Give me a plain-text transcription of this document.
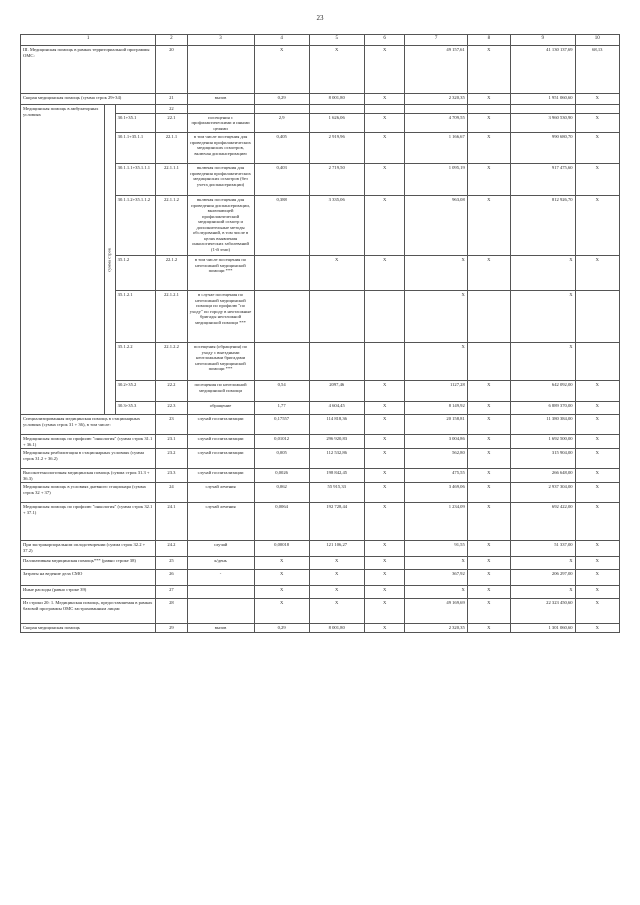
23
1			2	3	4	5	6	7	8	9	10
III. Медицинская помощь в рамках территориальной программы ОМС:			20		X	X	X	49 157,61	X	41 130 137,69	68,13
Скорая медицинская помощь (сумма строк 29+34)			21	вызов	0,29	8 001,80	X	2 320,35	X	1 951 060,60	X
Медицинская помощь в амбулаторных условиях	сумма строк		22								
		30.1+35.1	22.1	посещения с профилактическими и иными целями	2,9	1 626,06	X	4 709,55	X	3 960 530,90	X
		30.1.1+35.1.1	22.1.1	в том числе посещения для проведения профилактических медицинских осмотров, включая диспансеризацию	0,405	2 919,96	X	1 166,67	X	990 680,70	X
		30.1.1.1+35.1.1.1	22.1.1.1	включая посещения для проведения профилактических медицинских осмотров (без учета диспансеризации)	0,403	2 719,50	X	1 095,19	X	917 475,60	X
		30.1.1.2+35.1.1.2	22.1.1.2	включая посещения для проведения диспансеризации, включающей профилактический медицинский осмотр и дополнительные методы обследований, в том числе в целях выявления онкологических заболеваний (1-й этап)	0,388	3 335,06	X	963,08	X	812 926,70	X
		35.1.2	22.1.2	в том числе посещения по неотложной медицинской помощи ***		X	X	X	X	X	X
		35.1.2.1	22.1.2.1	в случае посещения по неотложной медицинской помощи по профилю "по уходу" по городу в неотложные бригады неотложной медицинской помощи ***				X		X	
		35.1.2.2	22.1.2.2	посещения (обращения) по уходу с выездными неотложными бригадами неотложной медицинской помощи ***				X		X	
		30.2+35.2	22.2	посещения по неотложной медицинской помощи	0,54	2097,46	X	1127,28	X	642 092,00	X
		30.3+35.3	22.3	обращение	1,77	4 604,45	X	8 149,92	X	6 889 370,00	X
Специализированная медицинская помощь в стационарных условиях (сумма строк 31 + 36), в том числе:			23	случай госпитализации	0,17557	114 818,36	X	20 158,81	X	11 380 384,00	X
Медицинская помощь по профилю "онкология" (сумма строк 31.1 + 36.1)			23.1	случай госпитализации	0,01012	296 920,83	X	3 004,86	X	1 692 500,00	X
Медицинская реабилитация в стационарных условиях (сумма строк 31.2 + 36.2)			23.2	случай госпитализации	0,005	112 532,86	X	562,80	X	315 904,00	X
Высокотехнологичная медицинская помощь (сумма строк 31.3 + 36.3)			23.3	случай госпитализации	0,0026	198 842,45	X	475,55	X	266 648,00	X
Медицинская помощь в условиях дневного стационара (сумма строк 32 + 37)			24	случай лечения	0,062	55 915,33	X	3 469,06	X	2 937 304,00	X
Медицинская помощь по профилю "онкология" (сумма строк 32.1 + 37.1)			24.1	случай лечения	0,0064	192 728,44	X	1 234,09	X	692 422,00	X
При экстракорпоральном оплодотворении (сумма строк 32.2 + 37.2)			24.2	случай	0,00018	121 106,27	X	91,55	X	51 337,00	X
Паллиативная медицинская помощь*** (равно строке 38)			25	к/день	X	X	X	X	X	X	X
Затраты на ведение дела СМО			26	-	X	X	X	367,92	X	206 297,00	X
Иные расходы (равно строке 39)			27		X	X	X	X	X	X	X
Из строки 20: 1. Медицинская помощь, предоставляемая в рамках базовой программы ОМС застрахованным лицам			28		X	X	X	49 169,69	X	22 323 450,60	X
Скорая медицинская помощь			29	вызов	0,29	8 001,80	X	2 320,35	X	1 301 060,60	X
